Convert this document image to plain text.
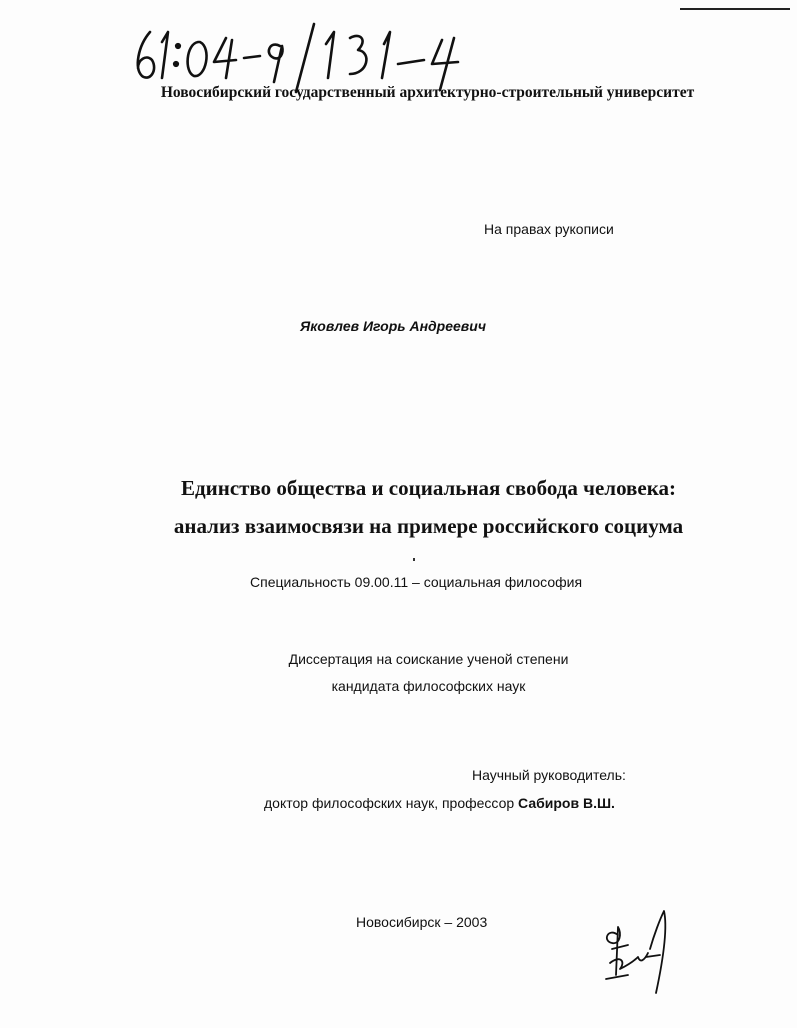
Новосибирский государственный архитектурно-строительный университет
На правах рукописи
Яковлев Игорь Андреевич
Единство общества и социальная свобода человека:
анализ взаимосвязи на примере российского социума
Специальность 09.00.11 – социальная философия
Диссертация на соискание ученой степени
кандидата философских наук
Научный руководитель:
доктор философских наук, профессор Сабиров В.Ш.
Новосибирск – 2003
